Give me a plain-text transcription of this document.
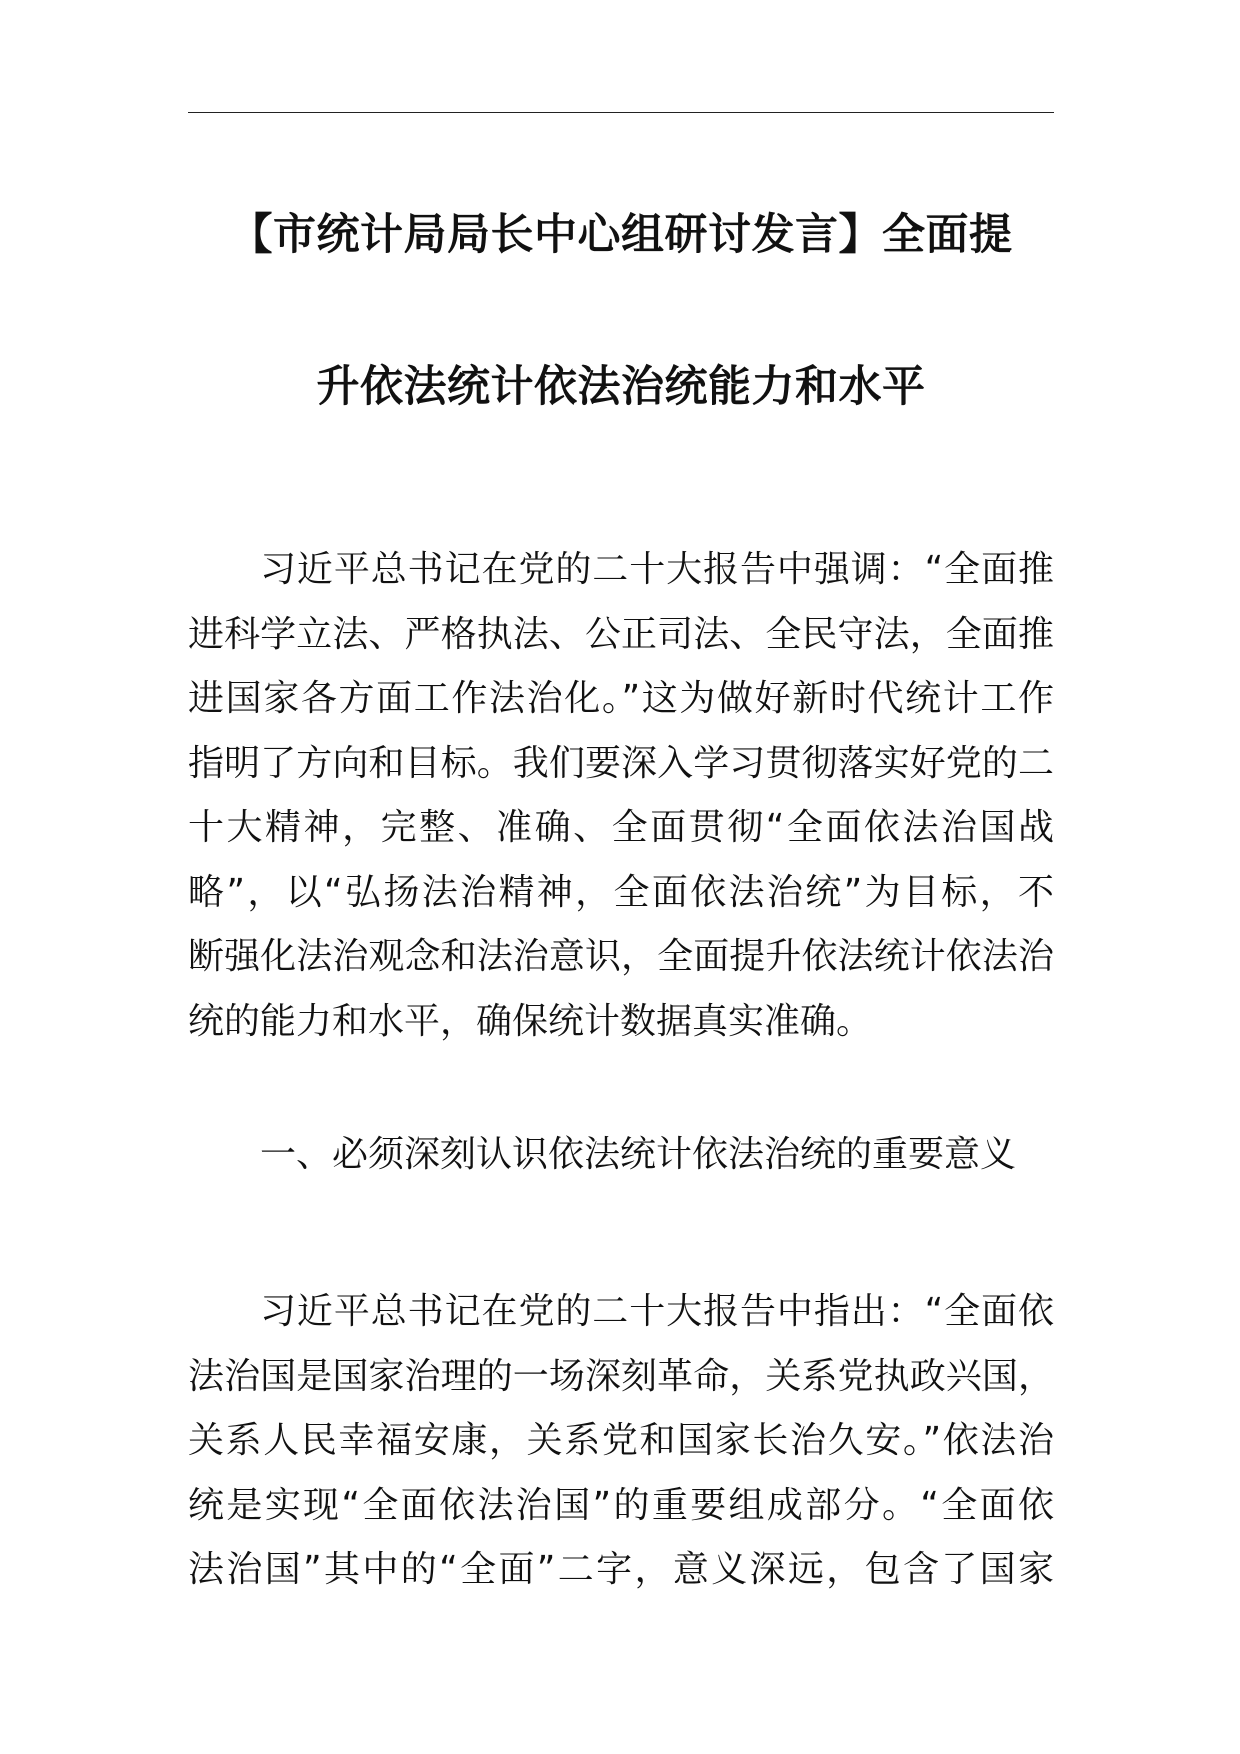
【市统计局局长中心组研讨发言】全面提
升依法统计依法治统能力和水平
习近平总书记在党的二十大报告中强调：“全面推
进科学立法、严格执法、公正司法、全民守法，全面推
进国家各方面工作法治化。”这为做好新时代统计工作
指明了方向和目标。我们要深入学习贯彻落实好党的二
十大精神，完整、准确、全面贯彻“全面依法治国战
略”，以“弘扬法治精神，全面依法治统”为目标，不
断强化法治观念和法治意识，全面提升依法统计依法治
统的能力和水平，确保统计数据真实准确。
一、必须深刻认识依法统计依法治统的重要意义
习近平总书记在党的二十大报告中指出：“全面依
法治国是国家治理的一场深刻革命，关系党执政兴国，
关系人民幸福安康，关系党和国家长治久安。”依法治
统是实现“全面依法治国”的重要组成部分。“全面依
法治国”其中的“全面”二字，意义深远，包含了国家
